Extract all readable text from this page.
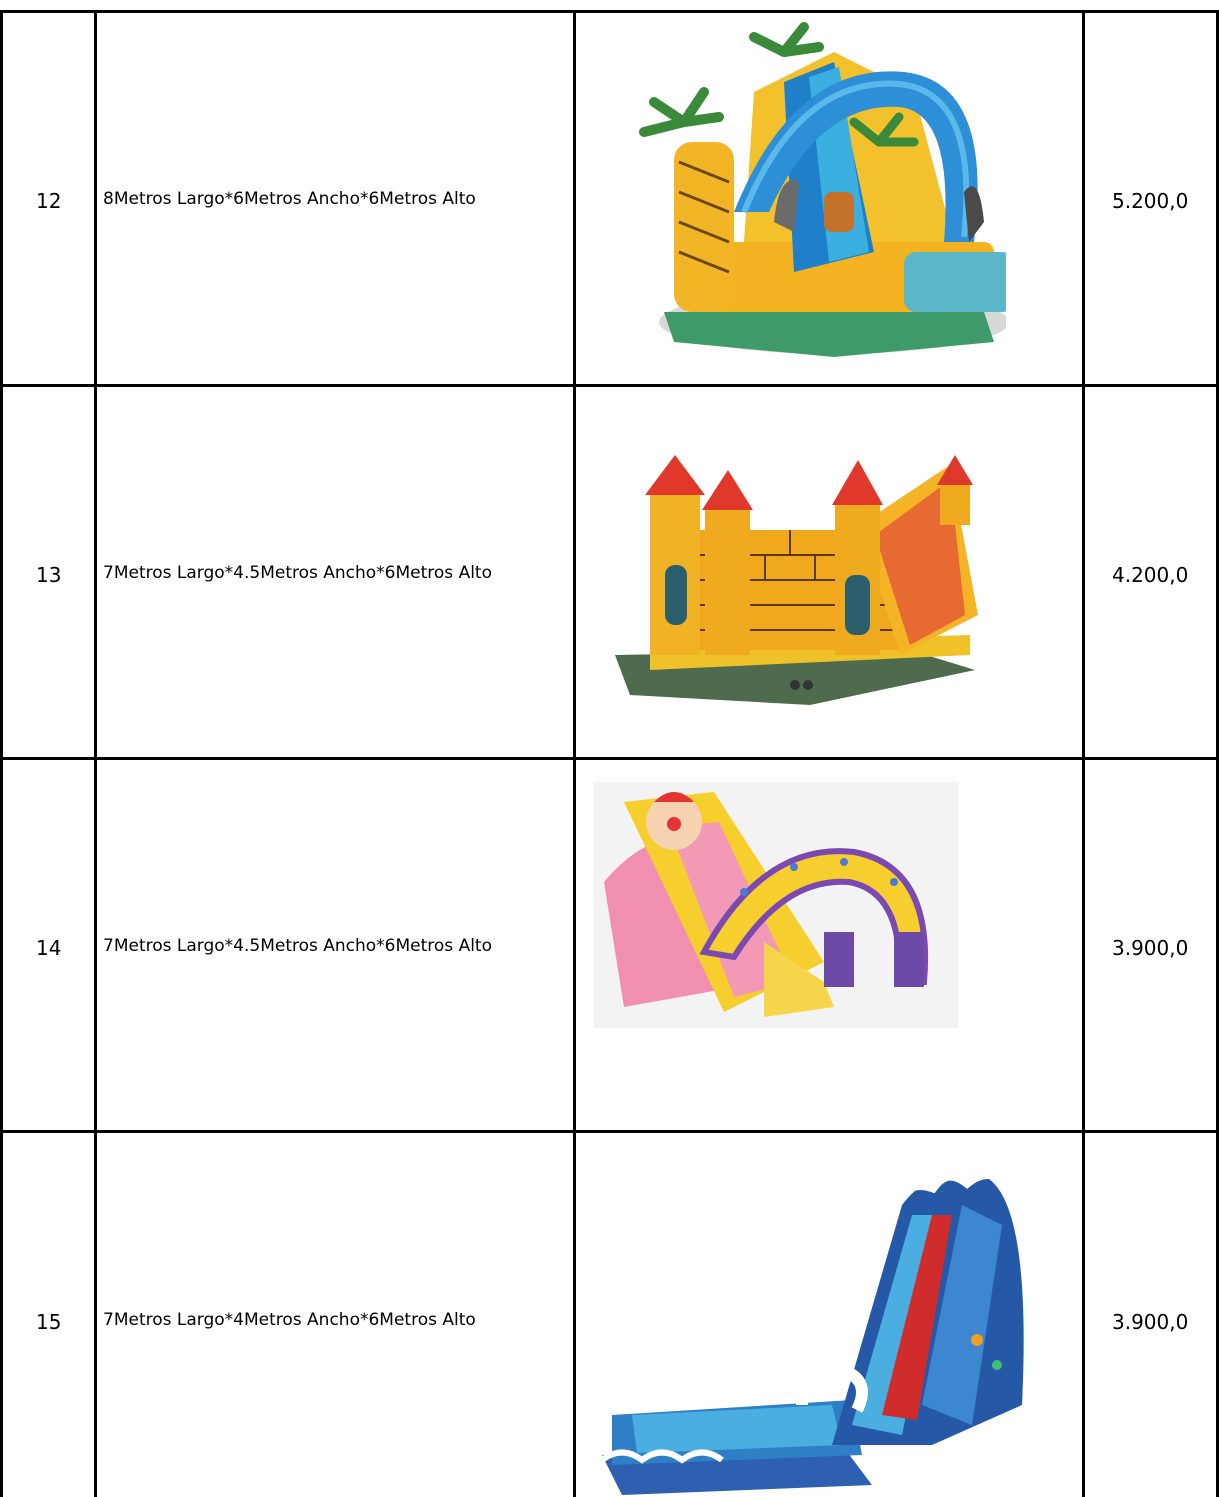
12 8Metros Largo*6Metros Ancho*6Metros Alto	5.200,0
13 7Metros Largo*4.5Metros Ancho*6Metros Alto	4.200,0
14 7Metros Largo*4.5Metros Ancho*6Metros Alto	3.900,0
15 7Metros Largo*4Metros Ancho*6Metros Alto	3.900,0
